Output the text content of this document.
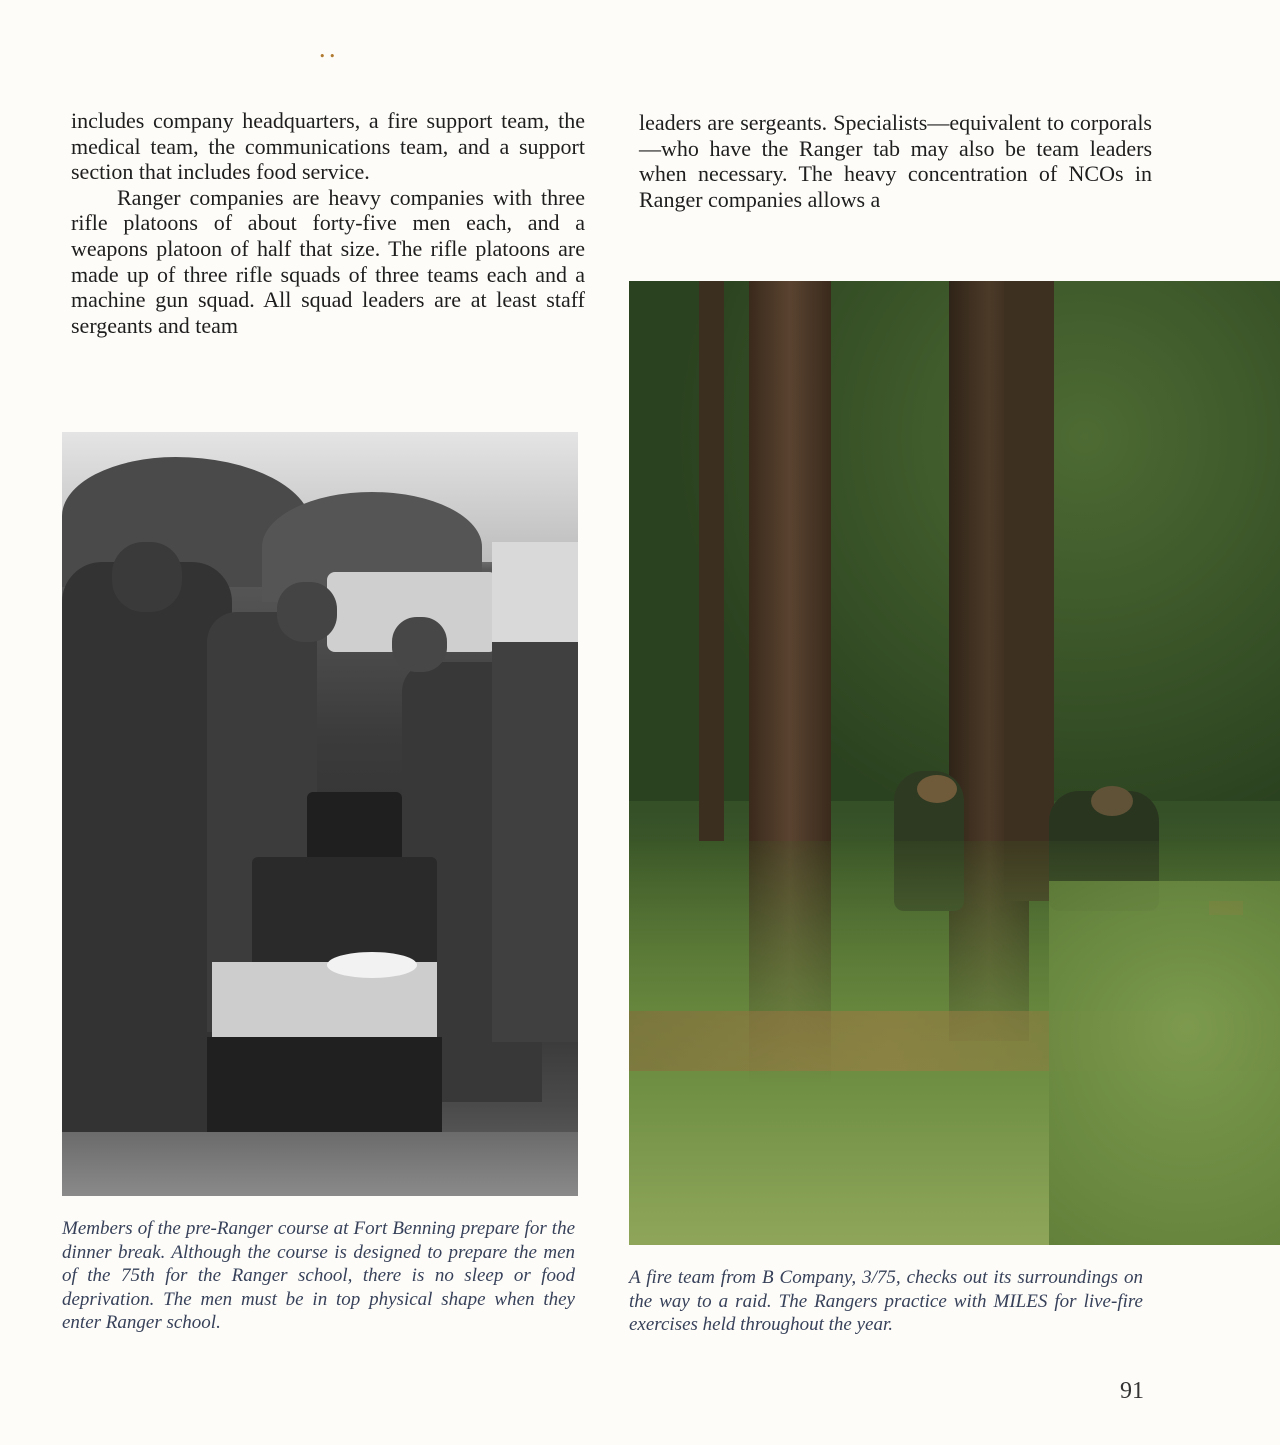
• •

includes company headquarters, a fire support team, the medical team, the communications team, and a support section that includes food service.

Ranger companies are heavy companies with three rifle platoons of about forty-five men each, and a weapons platoon of half that size. The rifle platoons are made up of three rifle squads of three teams each and a machine gun squad. All squad leaders are at least staff sergeants and team

leaders are sergeants. Specialists—equivalent to corporals—who have the Ranger tab may also be team leaders when necessary. The heavy concentration of NCOs in Ranger companies allows a

Members of the pre-Ranger course at Fort Benning prepare for the dinner break. Although the course is designed to prepare the men of the 75th for the Ranger school, there is no sleep or food deprivation. The men must be in top physical shape when they enter Ranger school.

A fire team from B Company, 3/75, checks out its surroundings on the way to a raid. The Rangers practice with MILES for live-fire exercises held throughout the year.

91
